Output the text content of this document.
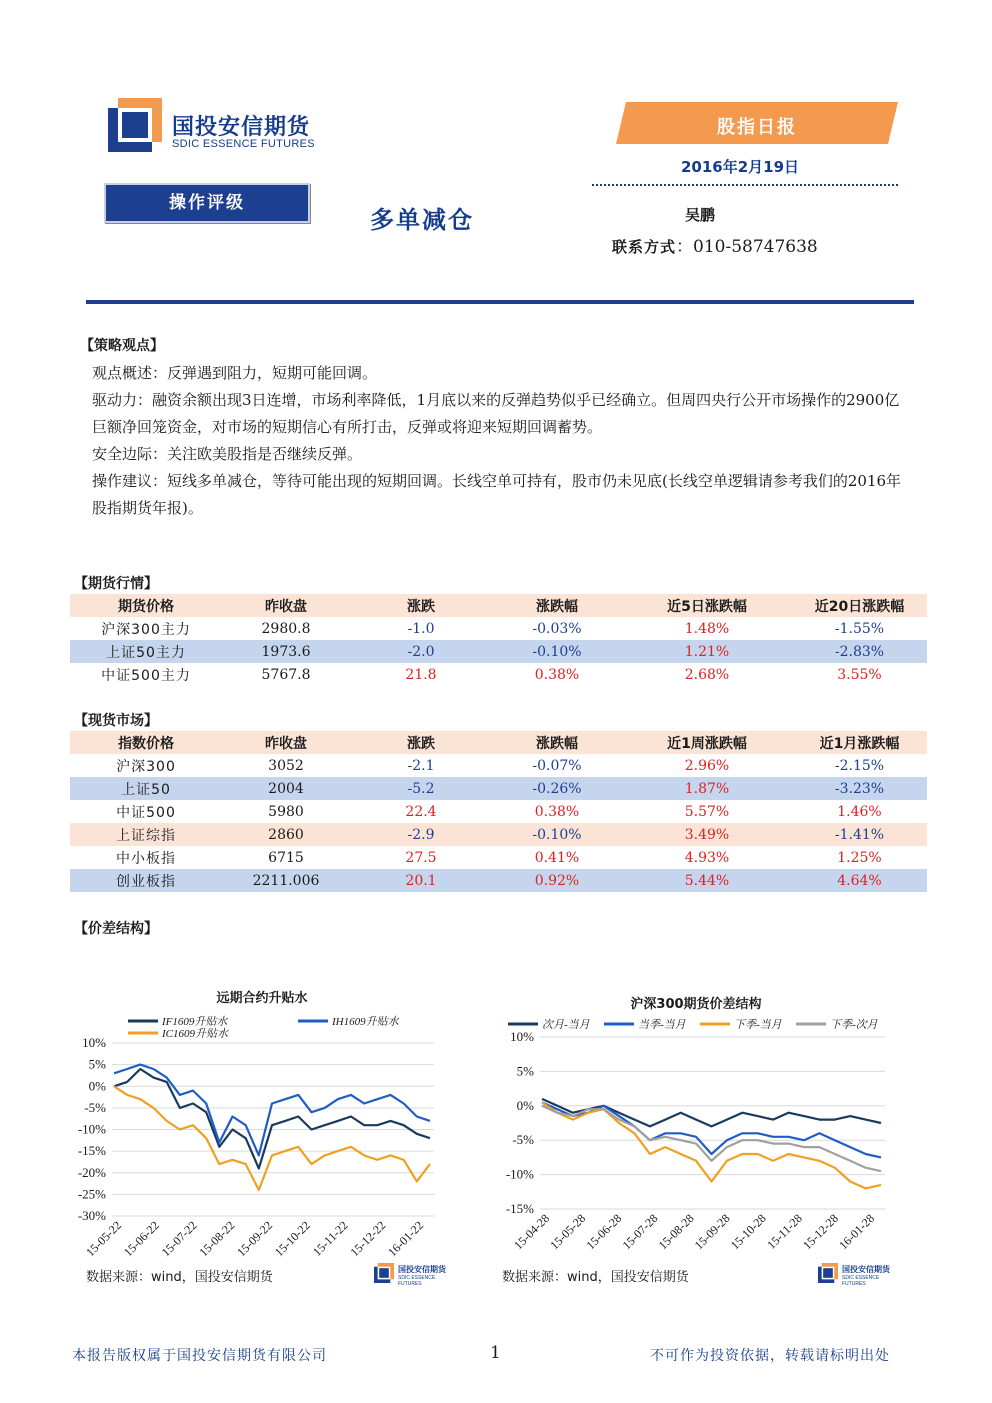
国投安信期货
SDIC ESSENCE FUTURES
股指日报
2016年2月19日
操作评级
多单减仓	吴鹏
联系方式：010-58747638
【策略观点】

观点概述：反弹遇到阻力，短期可能回调。

驱动力：融资余额出现3日连增，市场利率降低，1月底以来的反弹趋势似乎已经确立。但周四央行公开市场操作的2900亿巨额净回笼资金，对市场的短期信心有所打击，反弹或将迎来短期回调蓄势。

安全边际：关注欧美股指是否继续反弹。

操作建议：短线多单减仓，等待可能出现的短期回调。长线空单可持有，股市仍未见底(长线空单逻辑请参考我们的2016年股指期货年报)。

【期货行情】
期货价格	昨收盘	涨跌	涨跌幅	近5日涨跌幅	近20日涨跌幅
沪深300主力	2980.8	-1.0	-0.03%	1.48%	-1.55%
上证50主力	1973.6	-2.0	-0.10%	1.21%	-2.83%
中证500主力	5767.8	21.8	0.38%	2.68%	3.55%
【现货市场】
指数价格	昨收盘	涨跌	涨跌幅	近1周涨跌幅	近1月涨跌幅
沪深300	3052	-2.1	-0.07%	2.96%	-2.15%
上证50	2004	-5.2	-0.26%	1.87%	-3.23%
中证500	5980	22.4	0.38%	5.57%	1.46%
上证综指	2860	-2.9	-0.10%	3.49%	-1.41%
中小板指	6715	27.5	0.41%	4.93%	1.25%
创业板指	2211.006	20.1	0.92%	5.44%	4.64%
【价差结构】
远期合约升贴水
10%
5%
0%
-5%
-10%
-15%
-20%
-25%
-30%
15-05-22
15-06-22
15-07-22
15-08-22
15-09-22
15-10-22
15-11-22
15-12-22
16-01-22
IF1609升贴水	IH1609升贴水
IC1609升贴水
数据来源：wind，国投安信期货
国投安信期货
SDIC ESSENCE FUTURES
沪深300期货价差结构
10%
5%
0%
-5%
-10%
-15%
15-04-28
15-05-28
15-06-28
15-07-28
15-08-28
15-09-28
15-10-28
15-11-28
15-12-28
16-01-28
次月-当月	当季-当月	下季-当月	下季-次月
数据来源：wind，国投安信期货
国投安信期货
SDIC ESSENCE FUTURES
本报告版权属于国投安信期货有限公司	1	不可作为投资依据，转载请标明出处
